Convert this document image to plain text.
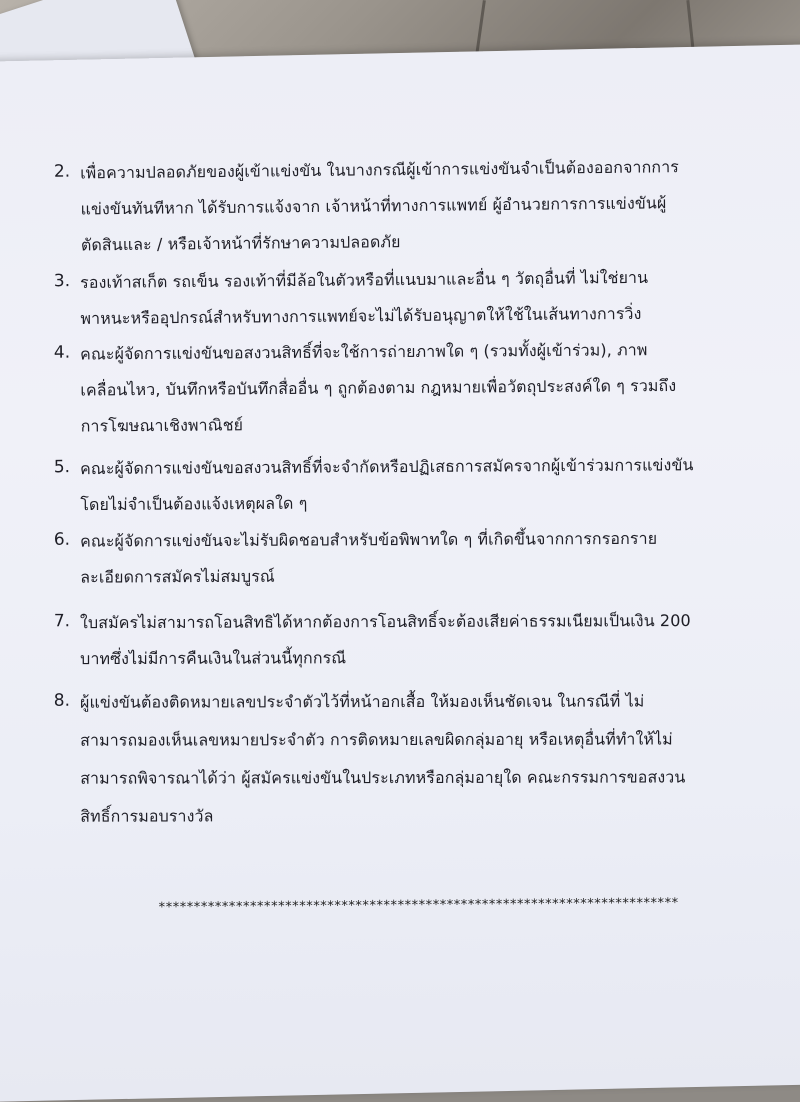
2. เพื่อความปลอดภัยของผู้เข้าแข่งขัน ในบางกรณีผู้เข้าการแข่งขันจำเป็นต้องออกจากการ
แข่งขันทันทีหาก ได้รับการแจ้งจาก เจ้าหน้าที่ทางการแพทย์ ผู้อำนวยการการแข่งขันผู้
ตัดสินและ / หรือเจ้าหน้าที่รักษาความปลอดภัย
3. รองเท้าสเก็ต รถเข็น รองเท้าที่มีล้อในตัวหรือที่แนบมาและอื่น ๆ วัตถุอื่นที่ ไม่ใช่ยาน
พาหนะหรืออุปกรณ์สำหรับทางการแพทย์จะไม่ได้รับอนุญาตให้ใช้ในเส้นทางการวิ่ง
4. คณะผู้จัดการแข่งขันขอสงวนสิทธิ์ที่จะใช้การถ่ายภาพใด ๆ (รวมทั้งผู้เข้าร่วม), ภาพ
เคลื่อนไหว, บันทึกหรือบันทึกสื่ออื่น ๆ ถูกต้องตาม กฎหมายเพื่อวัตถุประสงค์ใด ๆ รวมถึง
การโฆษณาเชิงพาณิชย์
5. คณะผู้จัดการแข่งขันขอสงวนสิทธิ์ที่จะจำกัดหรือปฏิเสธการสมัครจากผู้เข้าร่วมการแข่งขัน
โดยไม่จำเป็นต้องแจ้งเหตุผลใด ๆ
6. คณะผู้จัดการแข่งขันจะไม่รับผิดชอบสำหรับข้อพิพาทใด ๆ ที่เกิดขึ้นจากการกรอกราย
ละเอียดการสมัครไม่สมบูรณ์
7. ใบสมัครไม่สามารถโอนสิทธิได้หากต้องการโอนสิทธิ์จะต้องเสียค่าธรรมเนียมเป็นเงิน 200
บาทซึ่งไม่มีการคืนเงินในส่วนนี้ทุกกรณี
8. ผู้แข่งขันต้องติดหมายเลขประจำตัวไว้ที่หน้าอกเสื้อ ให้มองเห็นชัดเจน ในกรณีที่ ไม่
สามารถมองเห็นเลขหมายประจำตัว การติดหมายเลขผิดกลุ่มอายุ หรือเหตุอื่นที่ทำให้ไม่
สามารถพิจารณาได้ว่า ผู้สมัครแข่งขันในประเภทหรือกลุ่มอายุใด คณะกรรมการขอสงวน
สิทธิ์การมอบรางวัล
**************************************************************************
